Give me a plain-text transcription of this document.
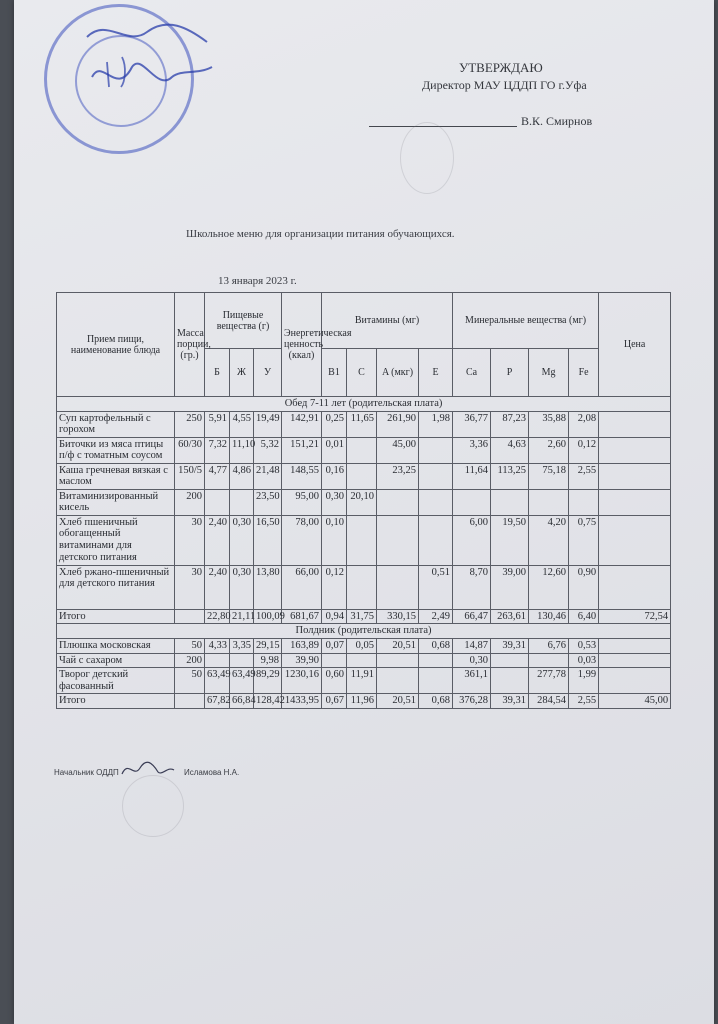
УТВЕРЖДАЮ
Директор МАУ ЦДДП ГО г.Уфа
В.К. Смирнов
Школьное меню для организации питания обучающихся.
13 января 2023 г.
Прием пищи, наименование блюда	Масса порции, (гр.)	Пищевые вещества (г)			Энергетическая ценность (ккал)	Витамины (мг)				Минеральные вещества (мг)				Цена
		Б	Ж	У		B1	C	A (мкг)	E	Ca	P	Mg	Fe	
Обед 7-11 лет (родительская плата)														
Суп картофельный с горохом	250	5,91	4,55	19,49	142,91	0,25	11,65	261,90	1,98	36,77	87,23	35,88	2,08	
Биточки из мяса птицы п/ф с томатным соусом	60/30	7,32	11,10	5,32	151,21	0,01		45,00		3,36	4,63	2,60	0,12	
Каша гречневая вязкая с маслом	150/5	4,77	4,86	21,48	148,55	0,16		23,25		11,64	113,25	75,18	2,55	
Витаминизированный кисель	200			23,50	95,00	0,30	20,10							
Хлеб пшеничный обогащенный витаминами для детского питания	30	2,40	0,30	16,50	78,00	0,10				6,00	19,50	4,20	0,75	
Хлеб ржано-пшеничный для детского питания	30	2,40	0,30	13,80	66,00	0,12			0,51	8,70	39,00	12,60	0,90	
Итого		22,80	21,11	100,09	681,67	0,94	31,75	330,15	2,49	66,47	263,61	130,46	6,40	72,54
Полдник (родительская плата)														
Плюшка московская	50	4,33	3,35	29,15	163,89	0,07	0,05	20,51	0,68	14,87	39,31	6,76	0,53	
Чай с сахаром	200			9,98	39,90					0,30			0,03	
Творог детский фасованный	50	63,49	63,49	89,29	1230,16	0,60	11,91			361,1		277,78	1,99	
Итого		67,82	66,84	128,42	1433,95	0,67	11,96	20,51	0,68	376,28	39,31	284,54	2,55	45,00
Начальник ОДДП	Исламова Н.А.
